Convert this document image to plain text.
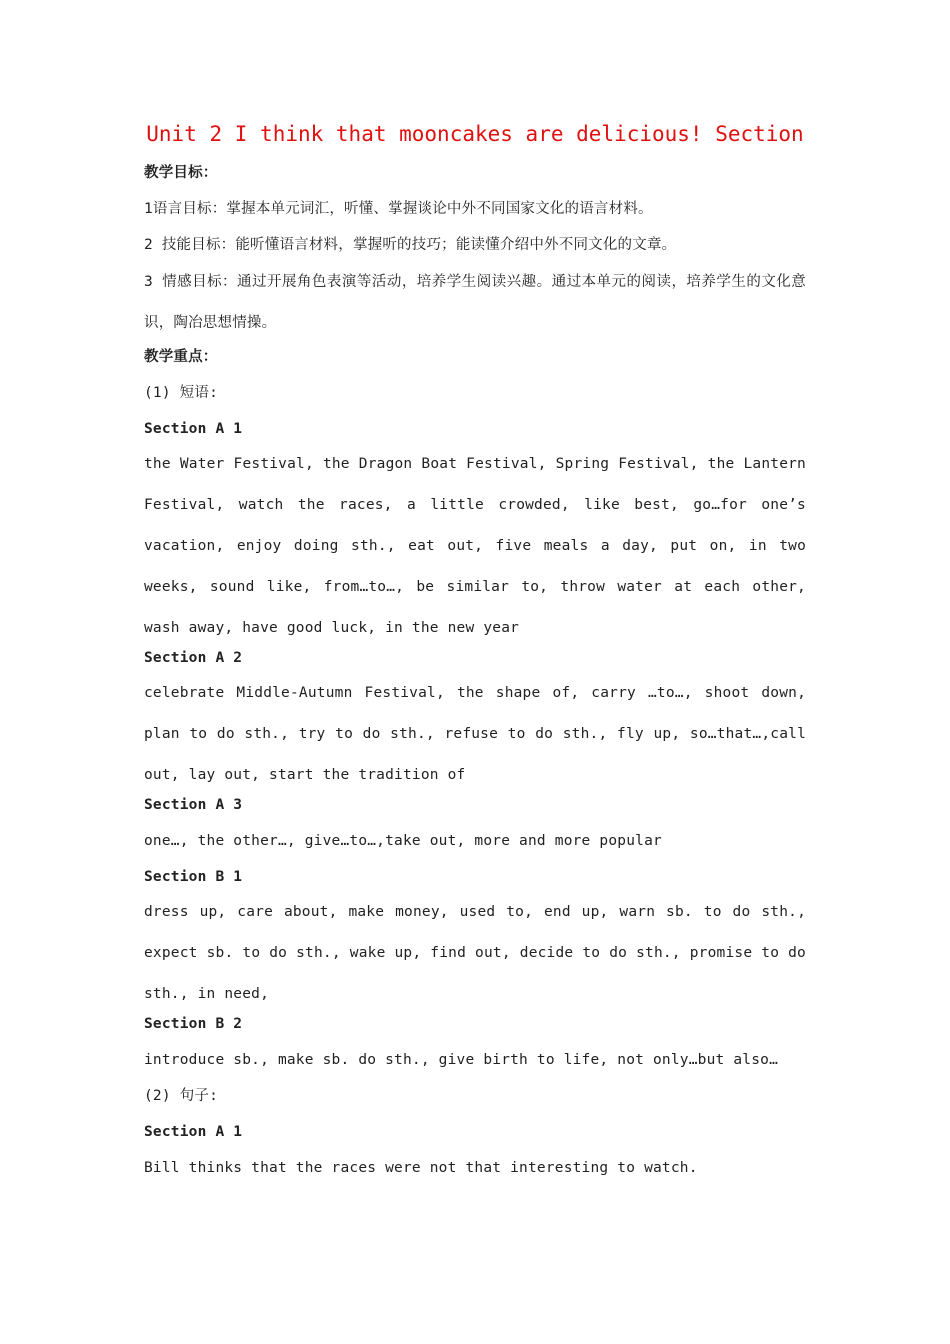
Unit 2 I think that mooncakes are delicious! Section

教学目标：

1语言目标：掌握本单元词汇，听懂、掌握谈论中外不同国家文化的语言材料。

2 技能目标：能听懂语言材料，掌握听的技巧；能读懂介绍中外不同文化的文章。

3 情感目标：通过开展角色表演等活动，培养学生阅读兴趣。通过本单元的阅读，培养学生的文化意识，陶冶思想情操。

教学重点：

(1) 短语:

Section A 1

the Water Festival, the Dragon Boat Festival, Spring Festival, the Lantern Festival, watch the races, a little crowded, like best, go…for one’s vacation, enjoy doing sth., eat out, five meals a day, put on, in two weeks, sound like, from…to…, be similar to, throw water at each other, wash away, have good luck, in the new year

Section A 2

celebrate Middle-Autumn Festival, the shape of, carry …to…, shoot down, plan to do sth., try to do sth., refuse to do sth., fly up, so…that…,call out, lay out, start the tradition of

Section A 3

one…, the other…, give…to…,take out, more and more popular

Section B 1

dress up, care about, make money, used to, end up, warn sb. to do sth., expect sb. to do sth., wake up, find out, decide to do sth., promise to do sth., in need,

Section B 2

introduce sb., make sb. do sth., give birth to life, not only…but also…

(2) 句子:

Section A 1

Bill thinks that the races were not that interesting to watch.
